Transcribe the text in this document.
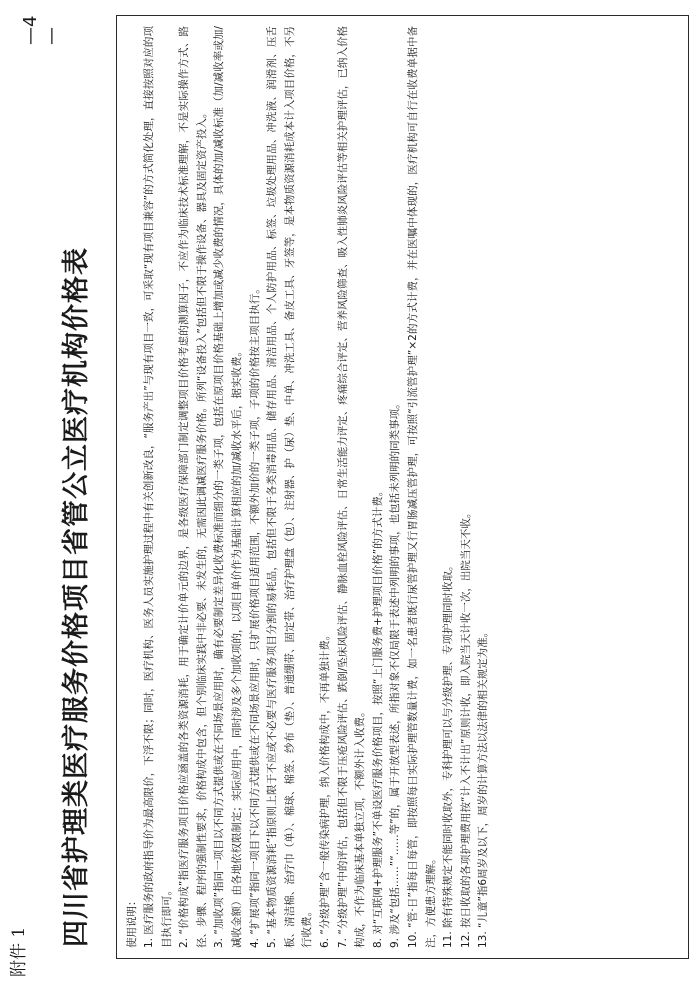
附件 1
四川省护理类医疗服务价格项目省管公立医疗机构价格表	使用说明： 1. 医疗服务的政府指导价为最高限价，下浮不限；同时，医疗机构、医务人员实施护理过程中有关创新改良，“服务产出”与现有项目一致，可采取“现有项目兼容”的方式简化处理，直接按照对应的项目执行即可。 2. “价格构成”指医疗服务项目价格应涵盖的各类资源消耗，用于确定计价单元的边界，是各级医疗保障部门制定调整项目价格考虑的测算因子，不应作为临床技术标准理解，不是实际操作方式、路径、步骤、程序的强制性要求，价格构成中包含，但个别临床实践中非必要、未发生的，无需因此调减医疗服务价格。所列“设备投入”包括但不限于操作设备、器具及固定资产投入。 3. “加收项”指同一项目以不同方式提供或在不同场景应用时，确有必要制定差异化收费标准而细分的一类子项，包括在原项目价格基础上增加或减少收费的情况，具体的加/减收标准（加/减收率或加/减收金额）由各地依权限制定；实际应用中，同时涉及多个加收项的，以项目单价作为基础计算相应的加/减收水平后，据实收费。 4. “扩展项”指同一项目下以不同方式提供或在不同场景应用时，只扩展价格项目适用范围，不额外加价的一类子项，子项的价格按主项目执行。 5. “基本物质资源消耗”指原则上限于不应或不必要与医疗服务项目分割的易耗品，包括但不限于各类消毒用品、储存用品、清洁用品、个人防护用品、标签、垃圾处理用品、冲洗液、润滑剂、压舌板、清洁棉、治疗巾（单）、棉球、棉签、纱布（垫）、普通绷带、固定带、治疗护理盘（包）、注射器、护（尿）垫、中单、冲洗工具、备皮工具、牙签等，是本物质资源消耗成本计入项目价格，不另行收费。 6. “分级护理”含一般传染病护理，纳入价格构成中，不再单独计费。 7. “分级护理”中的评估，包括但不限于压疮风险评估、跌倒/坠床风险评估、静脉血栓风险评估、日常生活能力评定、疼痛综合评定、营养风险筛查、吸入性肺炎风险评估等相关护理评估，已纳入价格构成，不作为临床基本单独立项，不额外计入收费。 8. 对“互联网+护理服务”不单设医疗服务价格项目，按照“上门服务费+护理项目价格”的方式计费。 9. 涉及“包括……”“……等”的，属于开放型表述，所指对象不仅局限于表述中列明的事项，也包括未列明的同类事项。 10. “管·日”指每日每管，即按照每日实际护理管数量计费，如一名患者既行尿管护理又行胃肠减压管护理，可按照“引流管护理”×2的方式计费，并在医嘱中体现的，医疗机构可自行在收费单据中备注，方便患方理解。 11. 除有特殊规定不能同时收取外，专科护理可以与分级护理、专项护理同时收取。 12. 按日收取的各项护理费用按“计入不计出”原则计收，即入院当天计收一次，出院当天不收。 13. “儿童”指6周岁及以下，周岁的计算方法以法律的相关规定为准。
—4—
